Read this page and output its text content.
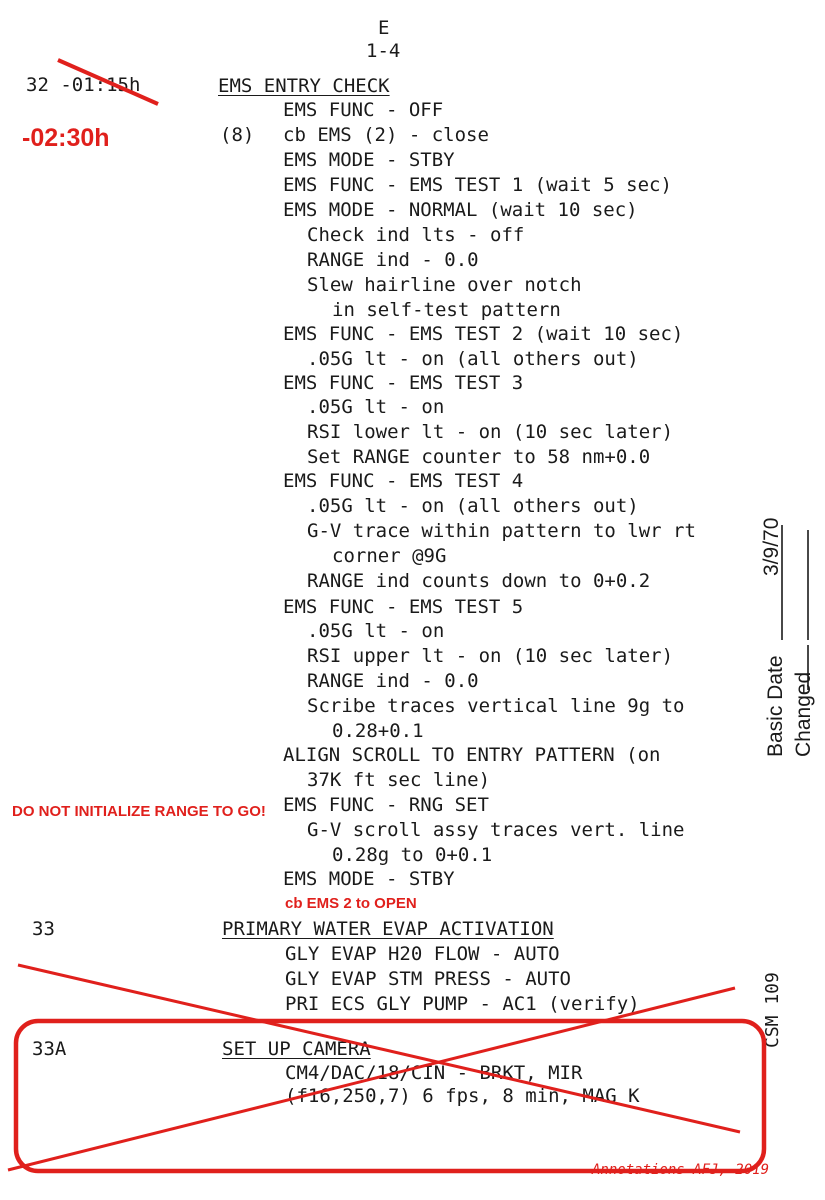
E
1-4
32 -01:15h
-02:30h
EMS ENTRY CHECK
(8)
EMS FUNC - OFF
cb EMS (2) - close
EMS MODE - STBY
EMS FUNC - EMS TEST 1 (wait 5 sec)
EMS MODE - NORMAL (wait 10 sec)
Check ind lts - off
RANGE ind - 0.0
Slew hairline over notch
in self-test pattern
EMS FUNC - EMS TEST 2 (wait 10 sec)
.05G lt - on (all others out)
EMS FUNC - EMS TEST 3
.05G lt - on
RSI lower lt - on (10 sec later)
Set RANGE counter to 58 nm+0.0
EMS FUNC - EMS TEST 4
.05G lt - on (all others out)
G-V trace within pattern to lwr rt
corner @9G
RANGE ind counts down to 0+0.2
EMS FUNC - EMS TEST 5
.05G lt - on
RSI upper lt - on (10 sec later)
RANGE ind - 0.0
Scribe traces vertical line 9g to
0.28+0.1
ALIGN SCROLL TO ENTRY PATTERN (on
37K ft sec line)
EMS FUNC - RNG SET
G-V scroll assy traces vert. line
0.28g to 0+0.1
EMS MODE - STBY
DO NOT INITIALIZE RANGE TO GO!
cb EMS 2 to OPEN
33	PRIMARY WATER EVAP ACTIVATION
GLY EVAP H20 FLOW - AUTO
GLY EVAP STM PRESS - AUTO
PRI ECS GLY PUMP - AC1 (verify)
33A	SET UP CAMERA
CM4/DAC/18/CIN - BRKT, MIR
(f16,250,7) 6 fps, 8 min, MAG K
Basic Date Changed
3/9/70
CSM 109
Annotations AFJ, 2019
